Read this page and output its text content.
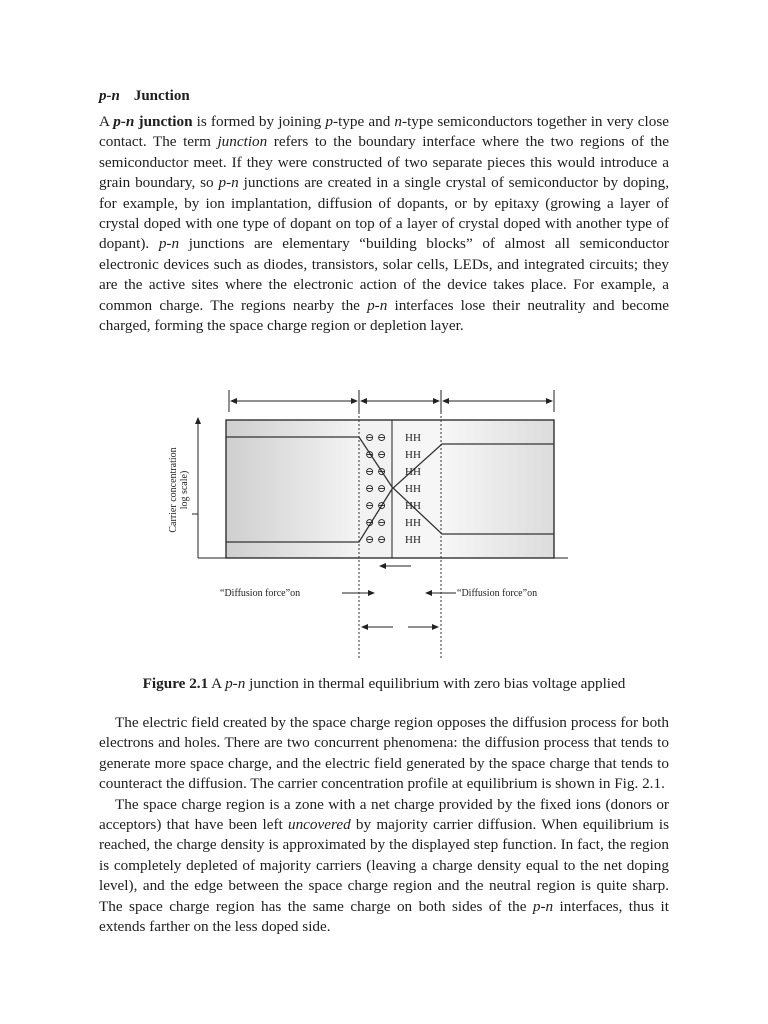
p-n Junction

A p-n junction is formed by joining p-type and n-type semiconductors together in very close contact. The term junction refers to the boundary interface where the two regions of the semiconductor meet. If they were constructed of two separate pieces this would introduce a grain boundary, so p-n junctions are created in a single crystal of semiconductor by doping, for example, by ion implantation, diffusion of dopants, or by epitaxy (growing a layer of crystal doped with one type of dopant on top of a layer of crystal doped with another type of dopant). p-n junctions are elementary “building blocks” of almost all semiconductor electronic devices such as diodes, transistors, solar cells, LEDs, and integrated circuits; they are the active sites where the electronic action of the device takes place. For example, a common charge. The regions nearby the p-n interfaces lose their neutrality and become charged, forming the space charge region or depletion layer.

Carrier concentration log scale)
⊖ ⊖
⊖ ⊖
⊖ ⊖
⊖ ⊖
⊖ ⊖
⊖ ⊖
⊖ ⊖
HH
HH
HH
HH
HH
HH
HH
“Diffusion force”on	“Diffusion force”on
Figure 2.1 A p-n junction in thermal equilibrium with zero bias voltage applied

The electric field created by the space charge region opposes the diffusion process for both electrons and holes. There are two concurrent phenomena: the diffusion process that tends to generate more space charge, and the electric field generated by the space charge that tends to counteract the diffusion. The carrier concentration profile at equilibrium is shown in Fig. 2.1.

The space charge region is a zone with a net charge provided by the fixed ions (donors or acceptors) that have been left uncovered by majority carrier diffusion. When equilibrium is reached, the charge density is approximated by the displayed step function. In fact, the region is completely depleted of majority carriers (leaving a charge density equal to the net doping level), and the edge between the space charge region and the neutral region is quite sharp. The space charge region has the same charge on both sides of the p-n interfaces, thus it extends farther on the less doped side.
